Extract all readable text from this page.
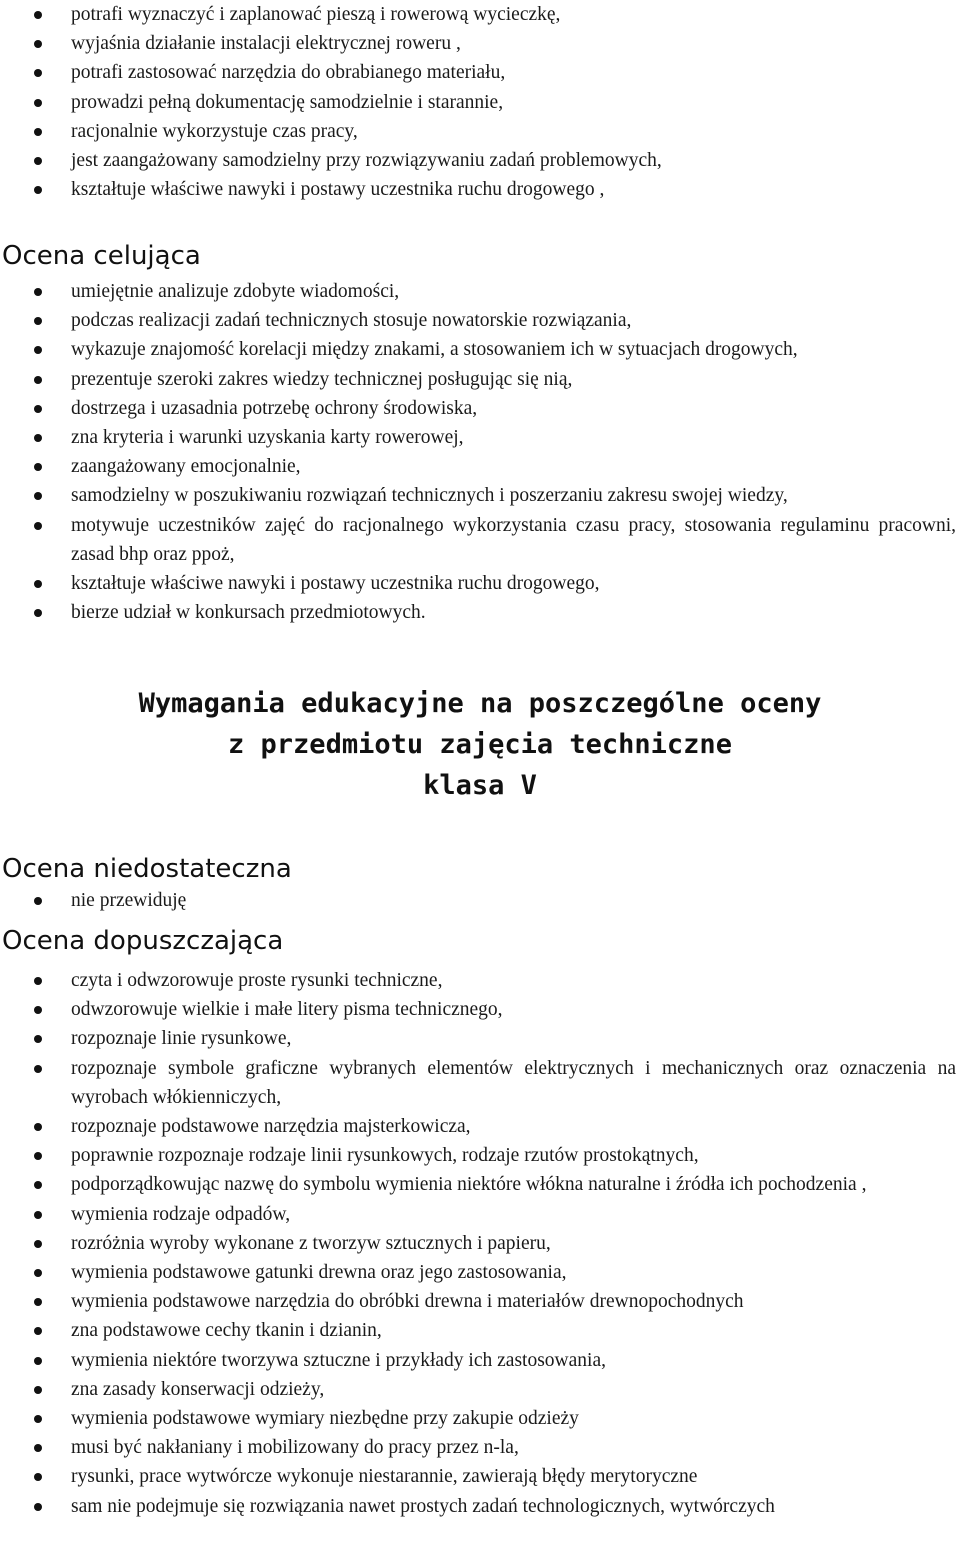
potrafi wyznaczyć i zaplanować pieszą i rowerową wycieczkę,
wyjaśnia działanie instalacji elektrycznej roweru ,
potrafi zastosować narzędzia do obrabianego materiału,
prowadzi pełną dokumentację samodzielnie i starannie,
racjonalnie wykorzystuje czas pracy,
jest zaangażowany samodzielny przy rozwiązywaniu zadań problemowych,
kształtuje właściwe nawyki i postawy uczestnika ruchu drogowego ,
Ocena celująca
umiejętnie analizuje zdobyte wiadomości,
podczas realizacji zadań technicznych stosuje nowatorskie rozwiązania,
wykazuje znajomość korelacji między znakami, a stosowaniem ich w sytuacjach drogowych,
prezentuje szeroki zakres wiedzy technicznej posługując się nią,
dostrzega i uzasadnia potrzebę ochrony środowiska,
zna kryteria i warunki uzyskania karty rowerowej,
zaangażowany emocjonalnie,
samodzielny w poszukiwaniu rozwiązań technicznych i poszerzaniu zakresu swojej wiedzy,
motywuje uczestników zajęć do racjonalnego wykorzystania czasu pracy, stosowania regulaminu pracowni, zasad bhp oraz ppoż,
kształtuje właściwe nawyki i postawy uczestnika ruchu drogowego,
bierze udział w konkursach przedmiotowych.
Wymagania edukacyjne na poszczególne oceny
z przedmiotu zajęcia techniczne
klasa V
Ocena niedostateczna
nie przewiduję
Ocena dopuszczająca
czyta i odwzorowuje proste rysunki techniczne,
odwzorowuje wielkie i małe litery pisma technicznego,
rozpoznaje linie rysunkowe,
rozpoznaje symbole graficzne wybranych elementów elektrycznych i mechanicznych oraz oznaczenia na wyrobach włókienniczych,
rozpoznaje podstawowe narzędzia majsterkowicza,
poprawnie rozpoznaje rodzaje linii rysunkowych, rodzaje rzutów prostokątnych,
podporządkowując nazwę do symbolu wymienia niektóre włókna naturalne i źródła ich pochodzenia ,
wymienia rodzaje odpadów,
rozróżnia wyroby wykonane z tworzyw sztucznych i papieru,
wymienia podstawowe gatunki drewna oraz jego zastosowania,
wymienia podstawowe narzędzia do obróbki drewna i materiałów drewnopochodnych
zna podstawowe cechy tkanin i dzianin,
wymienia niektóre tworzywa sztuczne i przykłady ich zastosowania,
zna zasady konserwacji odzieży,
wymienia podstawowe wymiary niezbędne przy zakupie odzieży
musi być nakłaniany i mobilizowany do pracy przez n-la,
rysunki, prace wytwórcze wykonuje niestarannie, zawierają błędy merytoryczne
sam nie podejmuje się rozwiązania nawet prostych zadań technologicznych, wytwórczych
